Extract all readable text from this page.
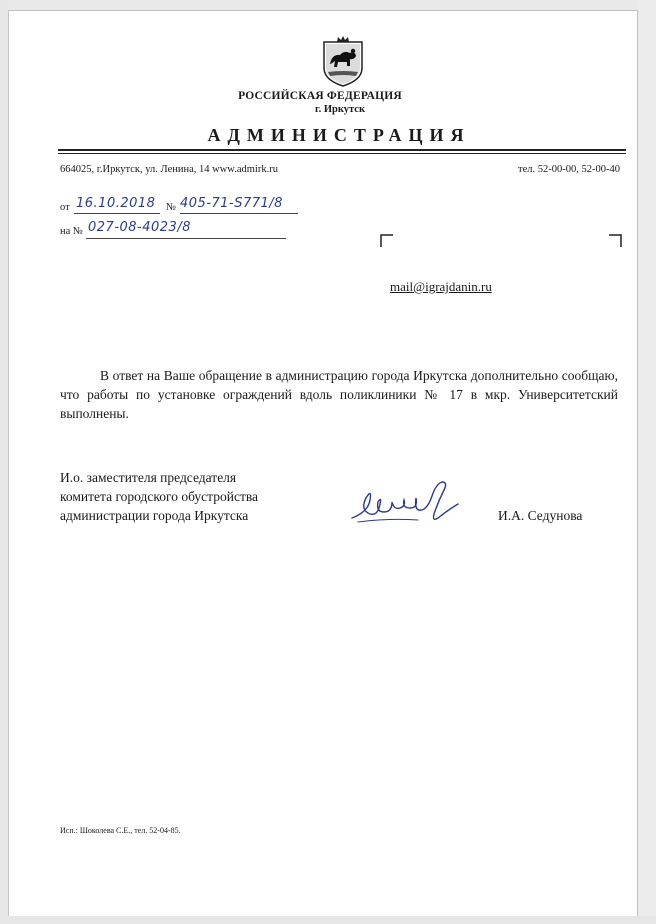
РОССИЙСКАЯ ФЕДЕРАЦИЯ
г. Иркутск
АДМИНИСТРАЦИЯ
664025, г.Иркутск, ул. Ленина, 14 www.admirk.ru	тел. 52-00-00, 52-00-40
от 16.10.2018 № 405-71-S771/8
на № 027-08-4023/8
mail@igrajdanin.ru
В ответ на Ваше обращение в администрацию города Иркутска дополнительно сообщаю, что работы по установке ограждений вдоль поликлиники № 17 в мкр. Университетский выполнены.
И.о. заместителя председателя
комитета городского обустройства
администрации города Иркутска	И.А. Седунова
Исп.: Шоколева С.Е., тел. 52-04-85.
